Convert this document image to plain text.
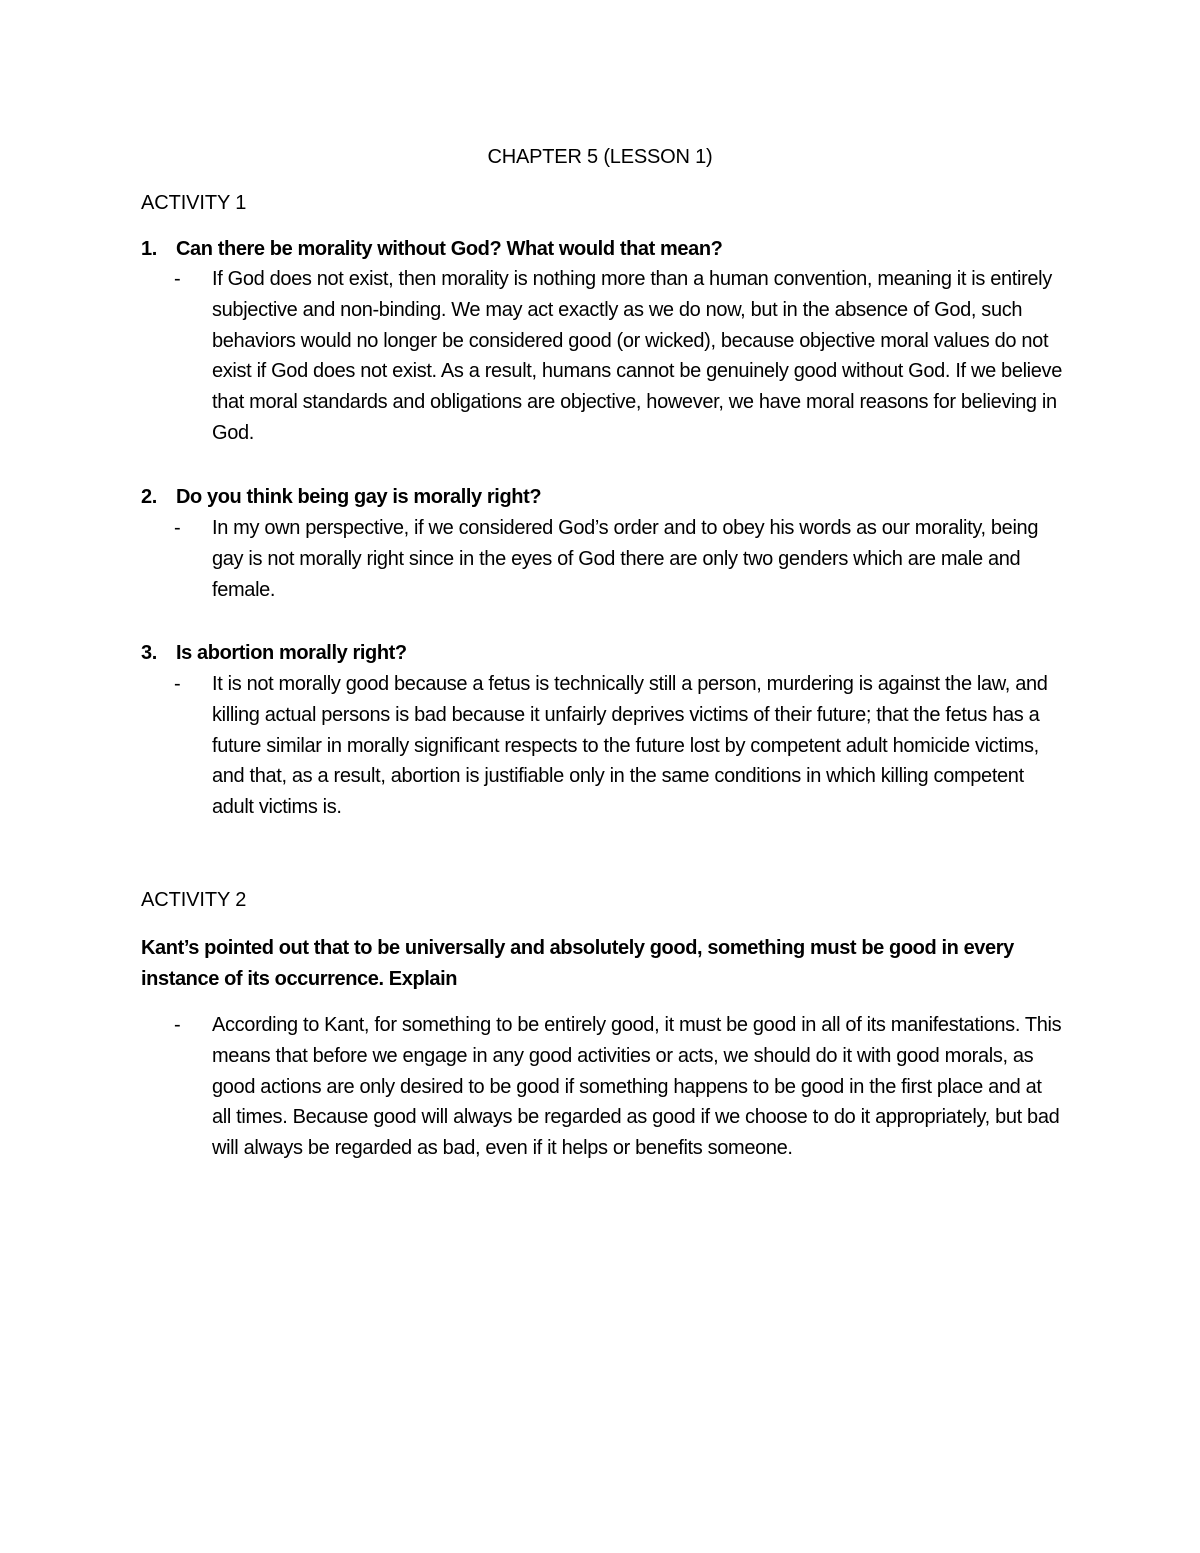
CHAPTER 5 (LESSON 1)
ACTIVITY 1
1. Can there be morality without God? What would that mean?
- If God does not exist, then morality is nothing more than a human convention, meaning it is entirely subjective and non-binding. We may act exactly as we do now, but in the absence of God, such behaviors would no longer be considered good (or wicked), because objective moral values do not exist if God does not exist. As a result, humans cannot be genuinely good without God. If we believe that moral standards and obligations are objective, however, we have moral reasons for believing in God.
2. Do you think being gay is morally right?
- In my own perspective, if we considered God’s order and to obey his words as our morality, being gay is not morally right since in the eyes of God there are only two genders which are male and female.
3. Is abortion morally right?
- It is not morally good because a fetus is technically still a person, murdering is against the law, and killing actual persons is bad because it unfairly deprives victims of their future; that the fetus has a future similar in morally significant respects to the future lost by competent adult homicide victims, and that, as a result, abortion is justifiable only in the same conditions in which killing competent adult victims is.
ACTIVITY 2
Kant’s pointed out that to be universally and absolutely good, something must be good in every instance of its occurrence. Explain
- According to Kant, for something to be entirely good, it must be good in all of its manifestations. This means that before we engage in any good activities or acts, we should do it with good morals, as good actions are only desired to be good if something happens to be good in the first place and at all times. Because good will always be regarded as good if we choose to do it appropriately, but bad will always be regarded as bad, even if it helps or benefits someone.
